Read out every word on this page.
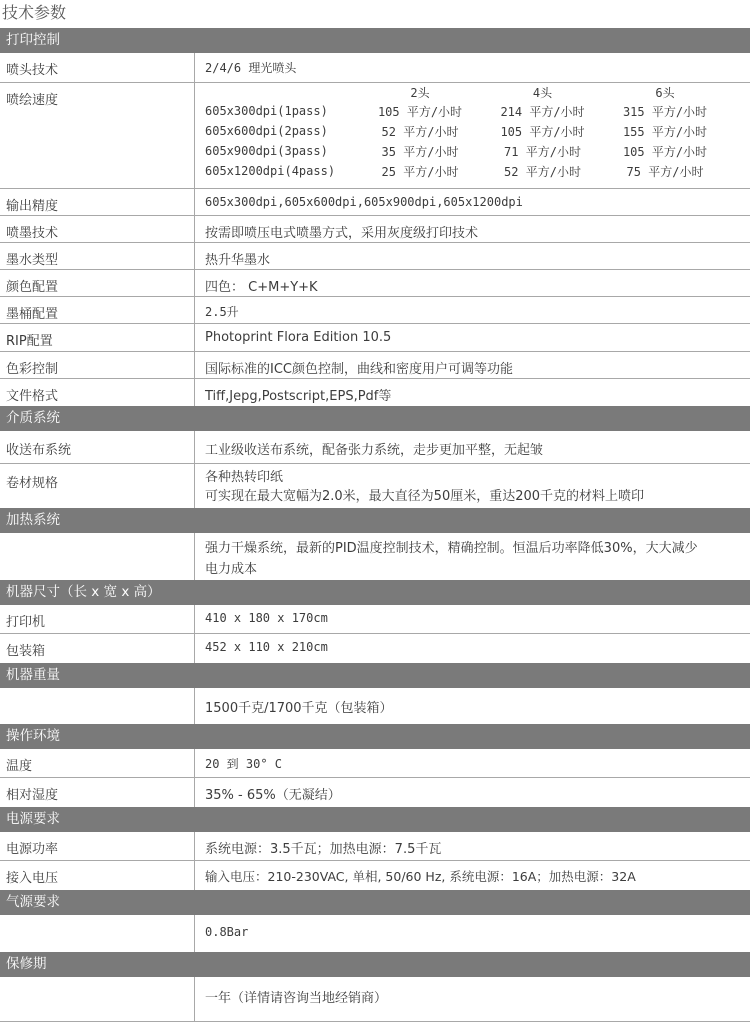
技术参数
打印控制
喷头技术	2/4/6 理光喷头
喷绘速度
		2头	4头	6头
605x300dpi(1pass)	105 平方/小时	214 平方/小时	315 平方/小时
605x600dpi(2pass)	52 平方/小时	105 平方/小时	155 平方/小时
605x900dpi(3pass)	35 平方/小时	71 平方/小时	105 平方/小时
605x1200dpi(4pass)	25 平方/小时	52 平方/小时	75 平方/小时
输出精度	605x300dpi,605x600dpi,605x900dpi,605x1200dpi
喷墨技术	按需即喷压电式喷墨方式，采用灰度级打印技术
墨水类型	热升华墨水
颜色配置	四色： C+M+Y+K
墨桶配置	2.5升
RIP配置	Photoprint Flora Edition 10.5
色彩控制	国际标准的ICC颜色控制，曲线和密度用户可调等功能
文件格式	Tiff,Jepg,Postscript,EPS,Pdf等
介质系统
收送布系统	工业级收送布系统，配备张力系统，走步更加平整，无起皱
卷材规格	各种热转印纸
可实现在最大宽幅为2.0米，最大直径为50厘米，重达200千克的材料上喷印
加热系统
强力干燥系统，最新的PID温度控制技术，精确控制。恒温后功率降低30%，大大减少
电力成本
机器尺寸（长 x 宽 x 高）
打印机	410 x 180 x 170cm
包装箱	452 x 110 x 210cm
机器重量
1500千克/1700千克（包装箱）
操作环境
温度	20 到 30° C
相对湿度	35% - 65%（无凝结）
电源要求
电源功率	系统电源：3.5千瓦；加热电源：7.5千瓦
接入电压	输入电压：210-230VAC, 单相, 50/60 Hz, 系统电源：16A；加热电源：32A
气源要求
0.8Bar
保修期
一年（详情请咨询当地经销商）
